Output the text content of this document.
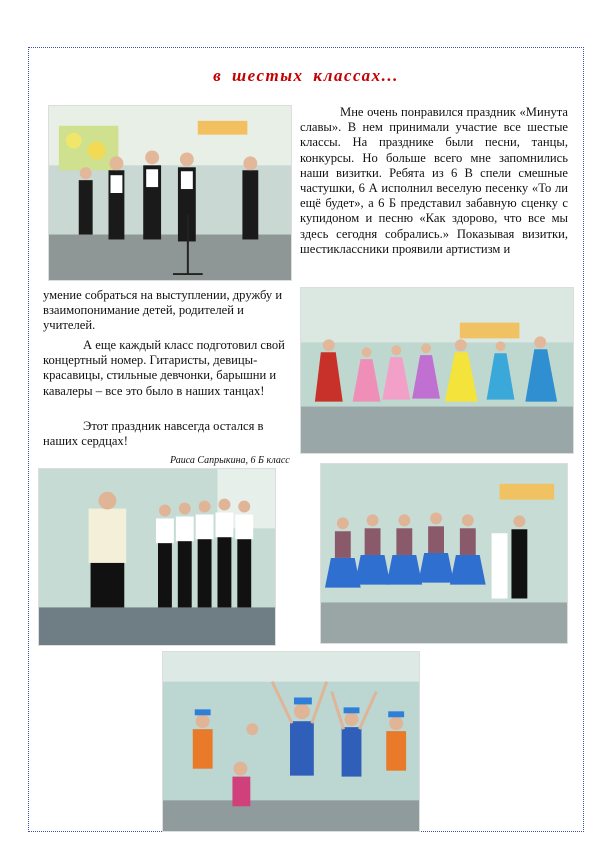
в шестых классах...

Мне очень понравился праздник «Минута славы». В нем принимали участие все шестые классы. На празднике были песни, танцы, конкурсы. Но больше всего мне запомнились наши визитки. Ребята из 6 В спели смешные частушки, 6 А исполнил веселую песенку «То ли ещё будет», а 6 Б представил забавную сценку с купидоном и песню «Как здорово, что все мы здесь сегодня собрались.» Показывая визитки, шестиклассники проявили артистизм и

умение собраться на выступлении, дружбу и взаимопонимание детей, родителей и учителей.

А еще каждый класс подготовил свой концертный номер. Гитаристы, девицы- красавицы, стильные девчонки, барышни и кавалеры – все это было в наших танцах!

Этот праздник навсегда остался в наших сердцах!

Раиса Сапрыкина, 6 Б класс
